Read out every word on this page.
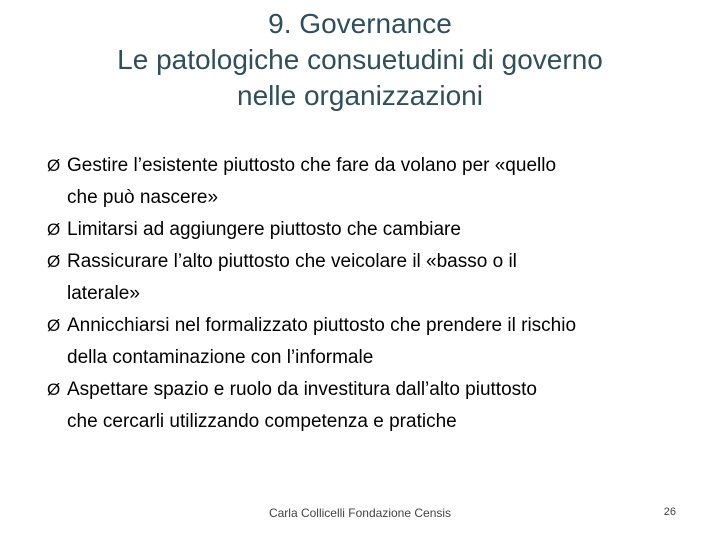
9. Governance
Le patologiche consuetudini di governo
nelle organizzazioni
Ø Gestire l’esistente piuttosto che fare da volano per «quello
che può nascere»
Ø Limitarsi ad aggiungere piuttosto che cambiare
Ø Rassicurare l’alto piuttosto che veicolare il «basso o il
laterale»
Ø Annicchiarsi nel formalizzato piuttosto che prendere il rischio
della contaminazione con l’informale
Ø Aspettare spazio e ruolo da investitura dall’alto piuttosto
che cercarli utilizzando competenza e pratiche
Carla Collicelli Fondazione Censis	26
